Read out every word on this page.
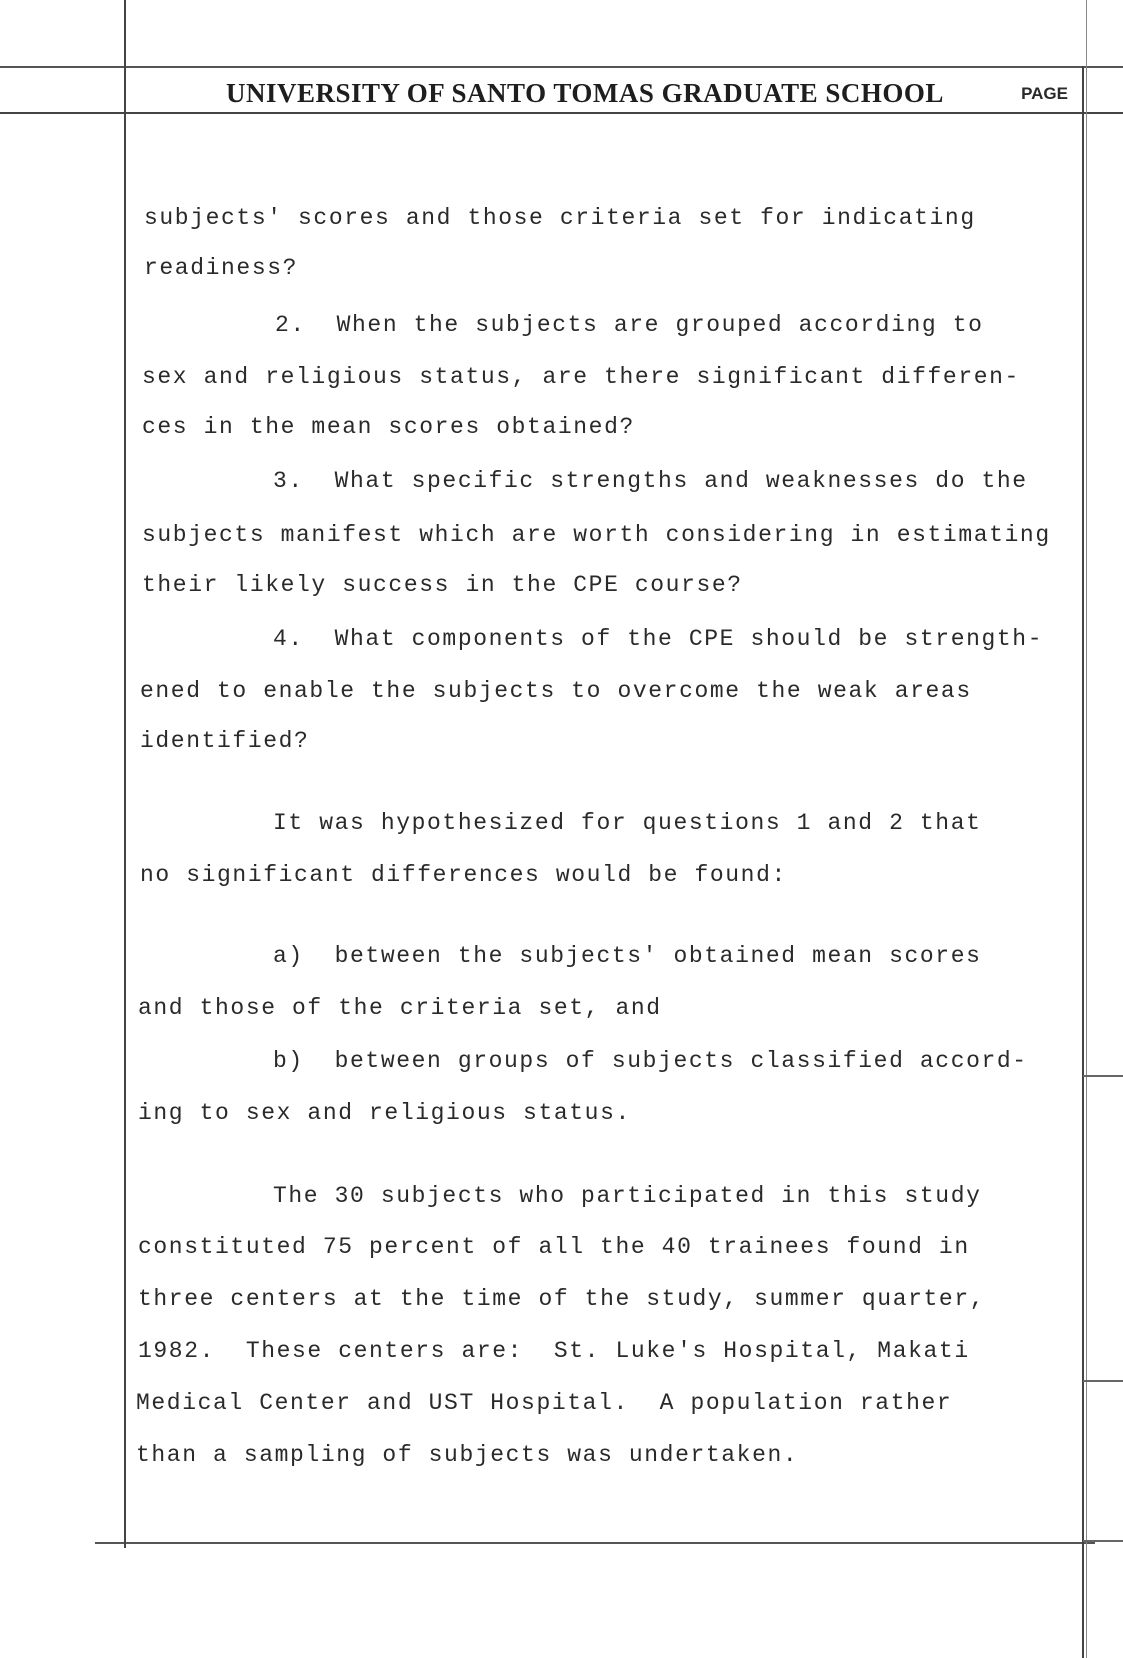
UNIVERSITY OF SANTO TOMAS GRADUATE SCHOOL	PAGE
subjects' scores and those criteria set for indicating
readiness?
2.  When the subjects are grouped according to
sex and religious status, are there significant differen-
ces in the mean scores obtained?
3.  What specific strengths and weaknesses do the
subjects manifest which are worth considering in estimating
their likely success in the CPE course?
4.  What components of the CPE should be strength-
ened to enable the subjects to overcome the weak areas
identified?
It was hypothesized for questions 1 and 2 that
no significant differences would be found:
a)  between the subjects' obtained mean scores
and those of the criteria set, and
b)  between groups of subjects classified accord-
ing to sex and religious status.
The 30 subjects who participated in this study
constituted 75 percent of all the 40 trainees found in
three centers at the time of the study, summer quarter,
1982.  These centers are:  St. Luke's Hospital, Makati
Medical Center and UST Hospital.  A population rather
than a sampling of subjects was undertaken.
